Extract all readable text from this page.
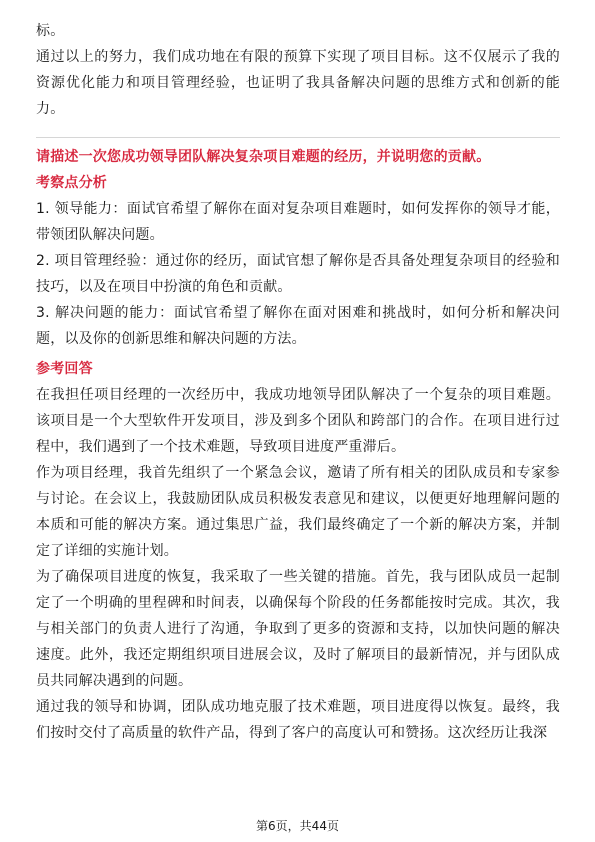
标。

通过以上的努力，我们成功地在有限的预算下实现了项目目标。这不仅展示了我的资源优化能力和项目管理经验，也证明了我具备解决问题的思维方式和创新的能力。

请描述一次您成功领导团队解决复杂项目难题的经历，并说明您的贡献。

考察点分析

1. 领导能力：面试官希望了解你在面对复杂项目难题时，如何发挥你的领导才能，带领团队解决问题。

2. 项目管理经验：通过你的经历，面试官想了解你是否具备处理复杂项目的经验和技巧，以及在项目中扮演的角色和贡献。

3. 解决问题的能力：面试官希望了解你在面对困难和挑战时，如何分析和解决问题，以及你的创新思维和解决问题的方法。

参考回答

在我担任项目经理的一次经历中，我成功地领导团队解决了一个复杂的项目难题。该项目是一个大型软件开发项目，涉及到多个团队和跨部门的合作。在项目进行过程中，我们遇到了一个技术难题，导致项目进度严重滞后。

作为项目经理，我首先组织了一个紧急会议，邀请了所有相关的团队成员和专家参与讨论。在会议上，我鼓励团队成员积极发表意见和建议，以便更好地理解问题的本质和可能的解决方案。通过集思广益，我们最终确定了一个新的解决方案，并制定了详细的实施计划。

为了确保项目进度的恢复，我采取了一些关键的措施。首先，我与团队成员一起制定了一个明确的里程碑和时间表，以确保每个阶段的任务都能按时完成。其次，我与相关部门的负责人进行了沟通，争取到了更多的资源和支持，以加快问题的解决速度。此外，我还定期组织项目进展会议，及时了解项目的最新情况，并与团队成员共同解决遇到的问题。

通过我的领导和协调，团队成功地克服了技术难题，项目进度得以恢复。最终，我们按时交付了高质量的软件产品，得到了客户的高度认可和赞扬。这次经历让我深

第6页，共44页
